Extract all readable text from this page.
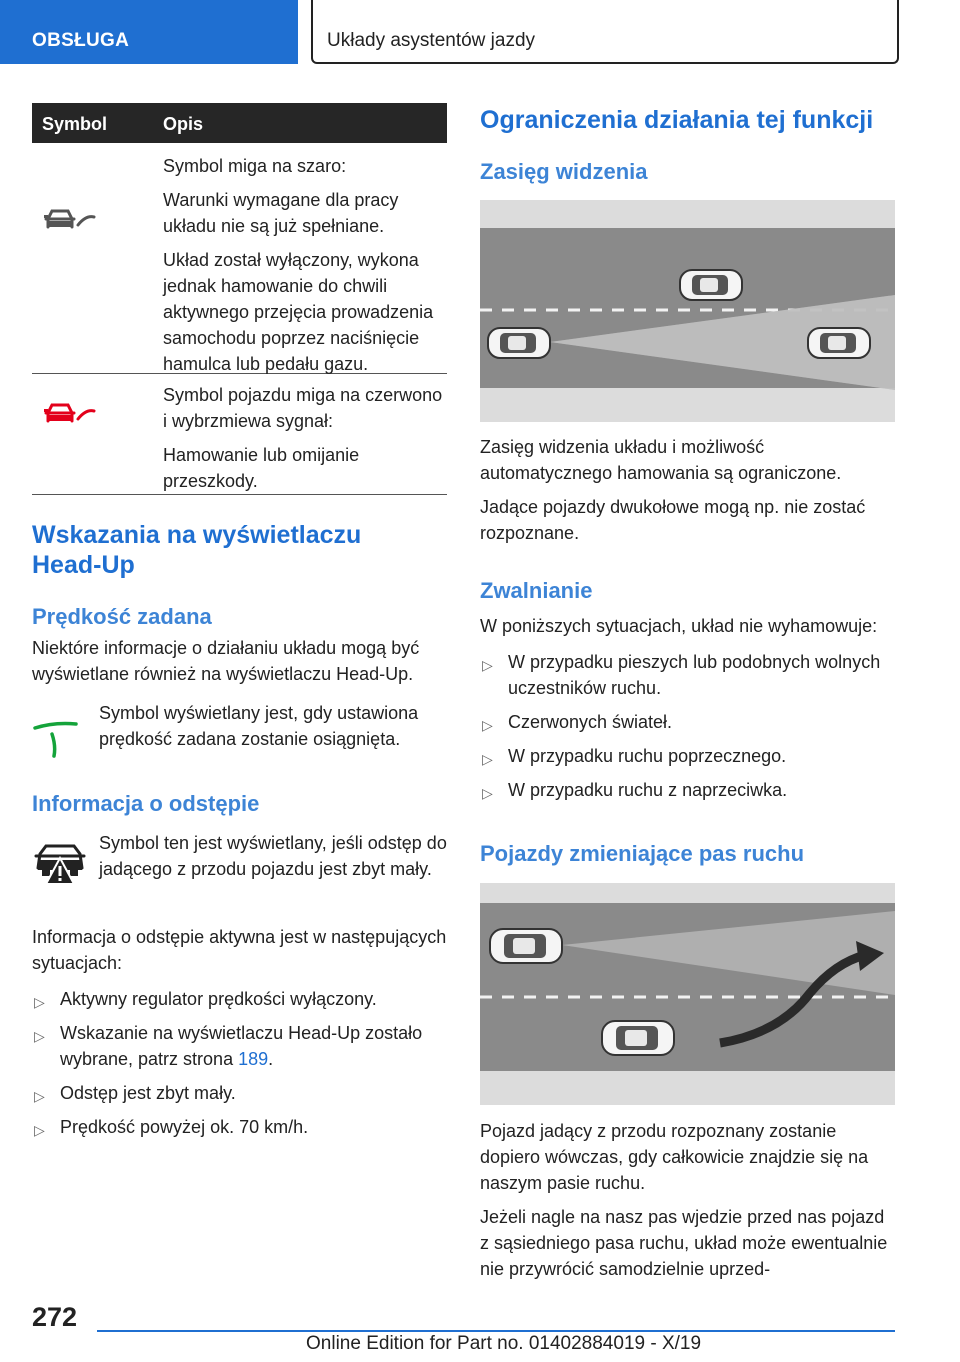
OBSŁUGA	Układy asystentów jazdy
Symbol	Opis

Symbol miga na szaro:

Warunki wymagane dla pracy układu nie są już spełniane.

Układ został wyłączony, wykona jednak hamowanie do chwili aktywnego przejęcia prowadzenia samochodu poprzez naciśnięcie hamulca lub pedału gazu.

Symbol pojazdu miga na czerwono i wybrzmiewa sygnał:

Hamowanie lub omijanie przeszkody.

Wskazania na wyświetlaczu Head-Up
Prędkość zadana

Niektóre informacje o działaniu układu mogą być wyświetlane również na wyświetlaczu Head-Up.

Symbol wyświetlany jest, gdy ustawiona prędkość zadana zostanie osiągnięta.

Informacja o odstępie

Symbol ten jest wyświetlany, jeśli odstęp do jadącego z przodu pojazdu jest zbyt mały.

Informacja o odstępie aktywna jest w następujących sytuacjach:

▷ Aktywny regulator prędkości wyłączony.
▷ Wskazanie na wyświetlaczu Head-Up zostało wybrane, patrz strona 189.
▷ Odstęp jest zbyt mały.
▷ Prędkość powyżej ok. 70 km/h.
Ograniczenia działania tej funkcji
Zasięg widzenia

Zasięg widzenia układu i możliwość automatycznego hamowania są ograniczone.

Jadące pojazdy dwukołowe mogą np. nie zostać rozpoznane.

Zwalnianie

W poniższych sytuacjach, układ nie wyhamowuje:

▷ W przypadku pieszych lub podobnych wolnych uczestników ruchu.
▷ Czerwonych świateł.
▷ W przypadku ruchu poprzecznego.
▷ W przypadku ruchu z naprzeciwka.
Pojazdy zmieniające pas ruchu

Pojazd jadący z przodu rozpoznany zostanie dopiero wówczas, gdy całkowicie znajdzie się na naszym pasie ruchu.

Jeżeli nagle na nasz pas wjedzie przed nas pojazd z sąsiedniego pasa ruchu, układ może ewentualnie nie przywrócić samodzielnie uprzed-

272
Online Edition for Part no. 01402884019 - X/19
